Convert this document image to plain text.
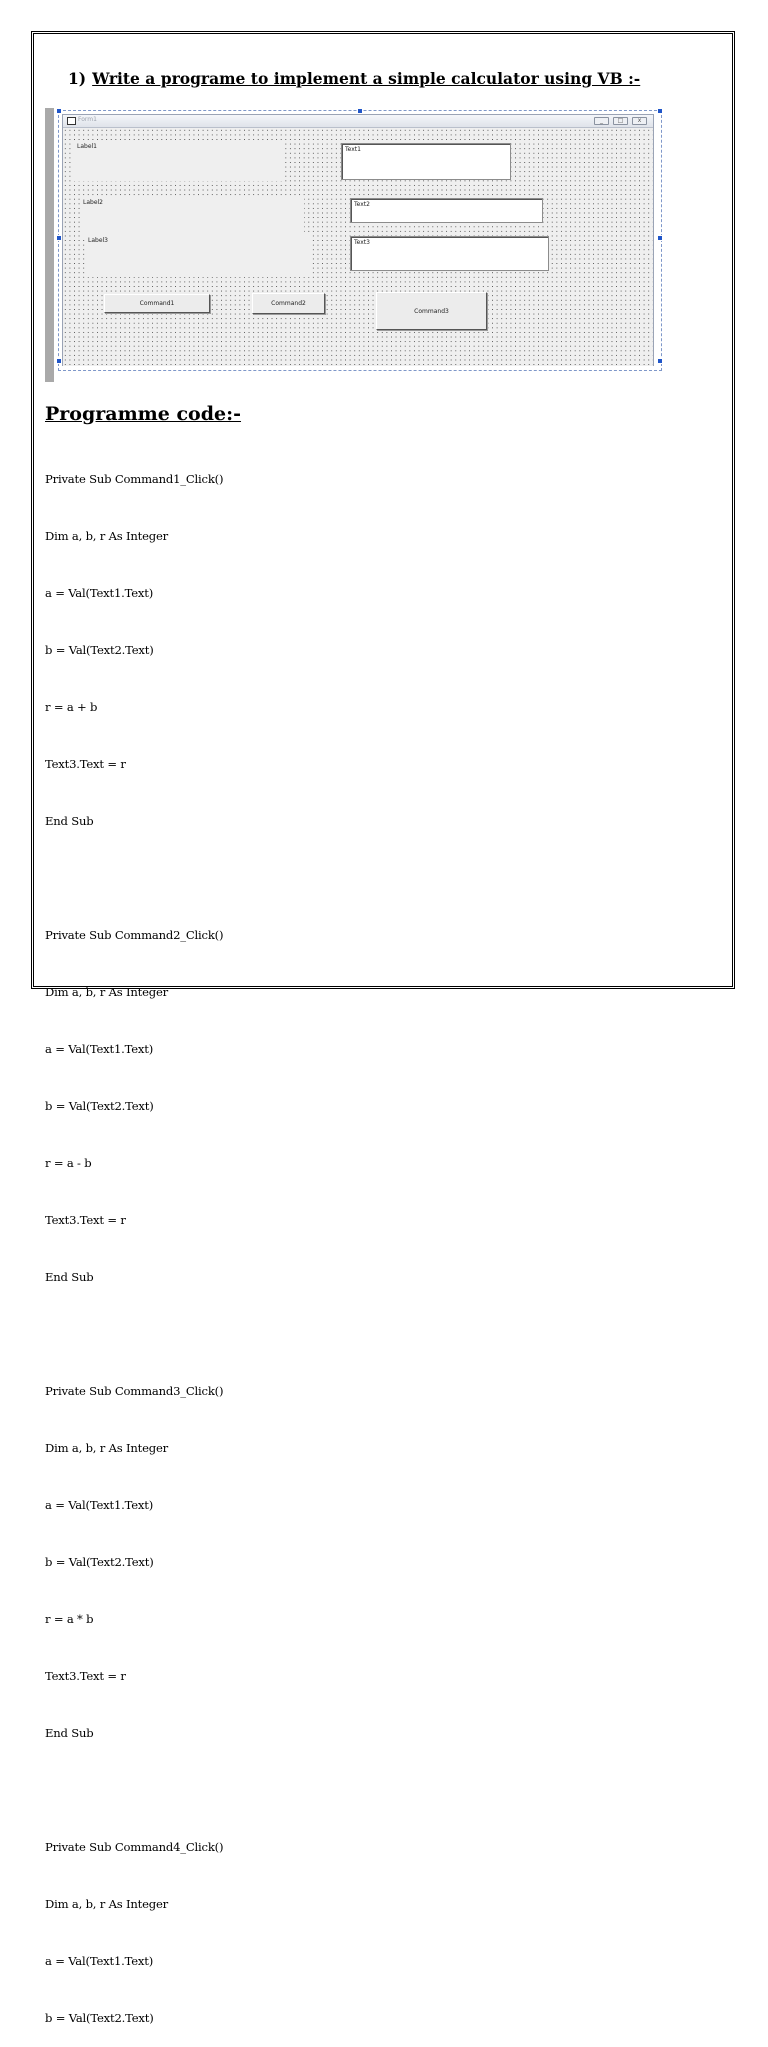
1) Write a programe to implement a simple calculator using VB :-
Form1	_	□	x
Label1
Label2
Label3
Text1
Text2
Text3
Command1	Command2
Command3
Programme code:-

Private Sub Command1_Click()

Dim a, b, r As Integer

a = Val(Text1.Text)

b = Val(Text2.Text)

r = a + b

Text3.Text = r

End Sub

Private Sub Command2_Click()

Dim a, b, r As Integer

a = Val(Text1.Text)

b = Val(Text2.Text)

r = a - b

Text3.Text = r

End Sub

Private Sub Command3_Click()

Dim a, b, r As Integer

a = Val(Text1.Text)

b = Val(Text2.Text)

r = a * b

Text3.Text = r

End Sub

Private Sub Command4_Click()

Dim a, b, r As Integer

a = Val(Text1.Text)

b = Val(Text2.Text)
